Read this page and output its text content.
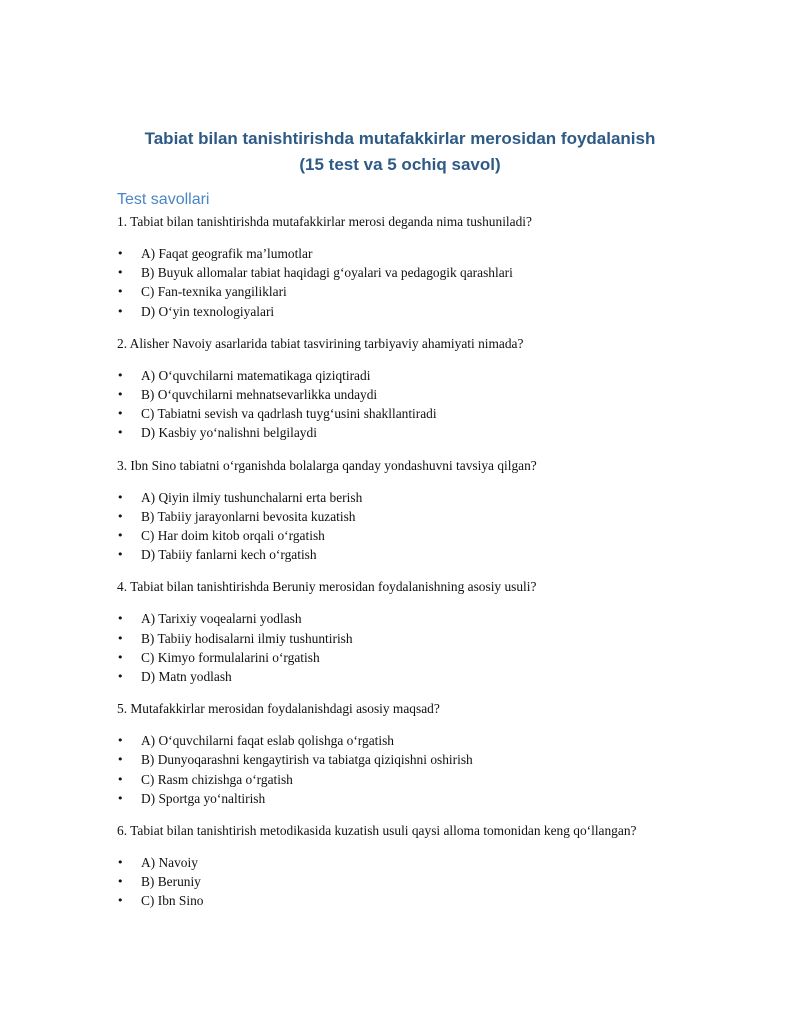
Tabiat bilan tanishtirishda mutafakkirlar merosidan foydalanish
(15 test va 5 ochiq savol)
Test savollari

1. Tabiat bilan tanishtirishda mutafakkirlar merosi deganda nima tushuniladi?

• A) Faqat geografik ma’lumotlar
• B) Buyuk allomalar tabiat haqidagi g‘oyalari va pedagogik qarashlari
• C) Fan-texnika yangiliklari
• D) O‘yin texnologiyalari

2. Alisher Navoiy asarlarida tabiat tasvirining tarbiyaviy ahamiyati nimada?

• A) O‘quvchilarni matematikaga qiziqtiradi
• B) O‘quvchilarni mehnatsevarlikka undaydi
• C) Tabiatni sevish va qadrlash tuyg‘usini shakllantiradi
• D) Kasbiy yo‘nalishni belgilaydi

3. Ibn Sino tabiatni o‘rganishda bolalarga qanday yondashuvni tavsiya qilgan?

• A) Qiyin ilmiy tushunchalarni erta berish
• B) Tabiiy jarayonlarni bevosita kuzatish
• C) Har doim kitob orqali o‘rgatish
• D) Tabiiy fanlarni kech o‘rgatish

4. Tabiat bilan tanishtirishda Beruniy merosidan foydalanishning asosiy usuli?

• A) Tarixiy voqealarni yodlash
• B) Tabiiy hodisalarni ilmiy tushuntirish
• C) Kimyo formulalarini o‘rgatish
• D) Matn yodlash

5. Mutafakkirlar merosidan foydalanishdagi asosiy maqsad?

• A) O‘quvchilarni faqat eslab qolishga o‘rgatish
• B) Dunyoqarashni kengaytirish va tabiatga qiziqishni oshirish
• C) Rasm chizishga o‘rgatish
• D) Sportga yo‘naltirish

6. Tabiat bilan tanishtirish metodikasida kuzatish usuli qaysi alloma tomonidan keng qo‘llangan?

• A) Navoiy
• B) Beruniy
• C) Ibn Sino
